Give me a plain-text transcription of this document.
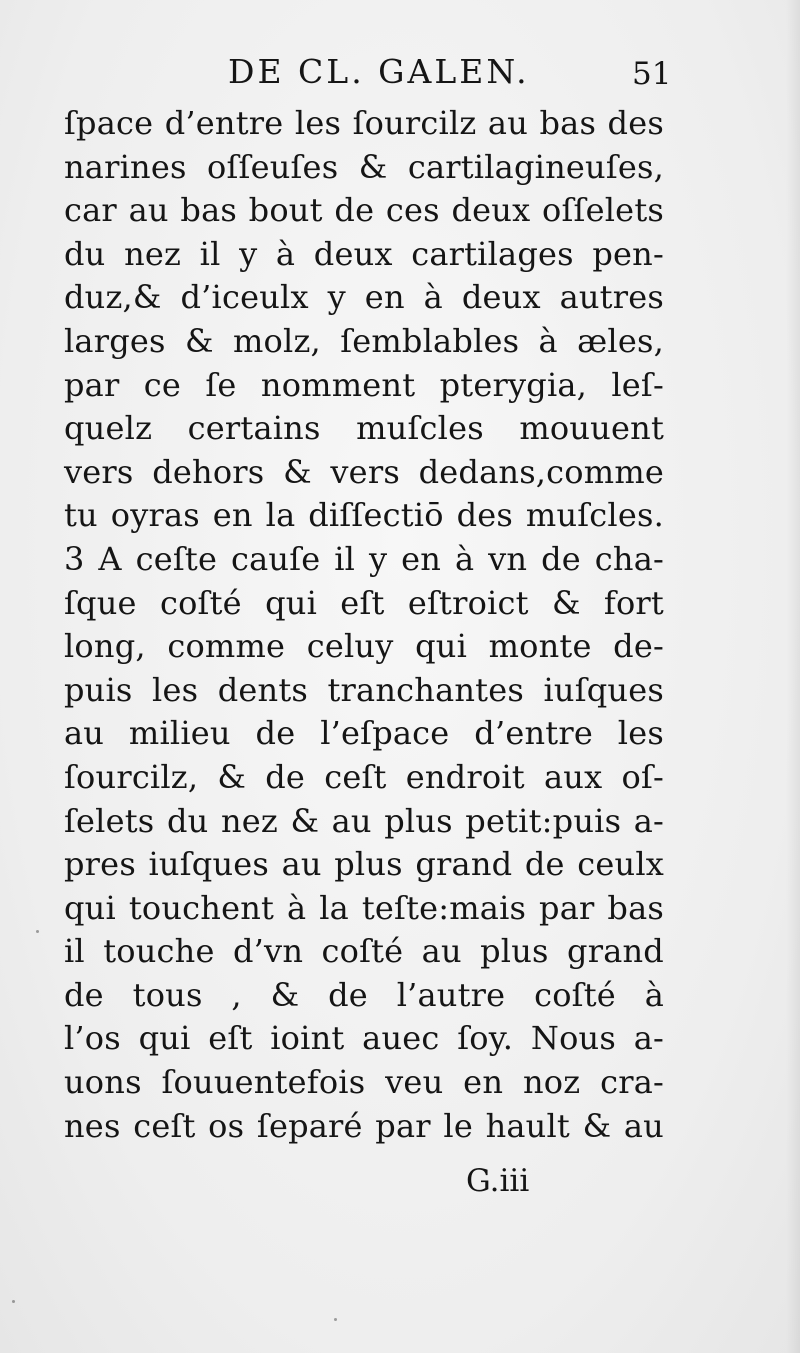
DE CL. GALEN.	51
ſpace d’entre les ſourcilz au bas des
narines oſſeuſes & cartilagineuſes,
car au bas bout de ces deux oſſelets
du nez il y à deux cartilages pen-
duz,& d’iceulx y en à deux autres
larges & molz, ſemblables à æles,
par ce ſe nomment pterygia, leſ-
quelz certains muſcles mouuent
vers dehors & vers dedans,comme
tu oyras en la diſſectiō des muſcles.
3 A ceſte cauſe il y en à vn de cha-
ſque coſté qui eſt eſtroict & fort
long, comme celuy qui monte de-
puis les dents tranchantes iuſques
au milieu de l’eſpace d’entre les
ſourcilz, & de ceſt endroit aux oſ-
ſelets du nez & au plus petit:puis a-
pres iuſques au plus grand de ceulx
qui touchent à la teſte:mais par bas
il touche d’vn coſté au plus grand
de tous , & de l’autre coſté à
l’os qui eſt ioint auec ſoy. Nous a-
uons ſouuentefois veu en noz cra-
nes ceſt os ſeparé par le hault & au
G.iii
